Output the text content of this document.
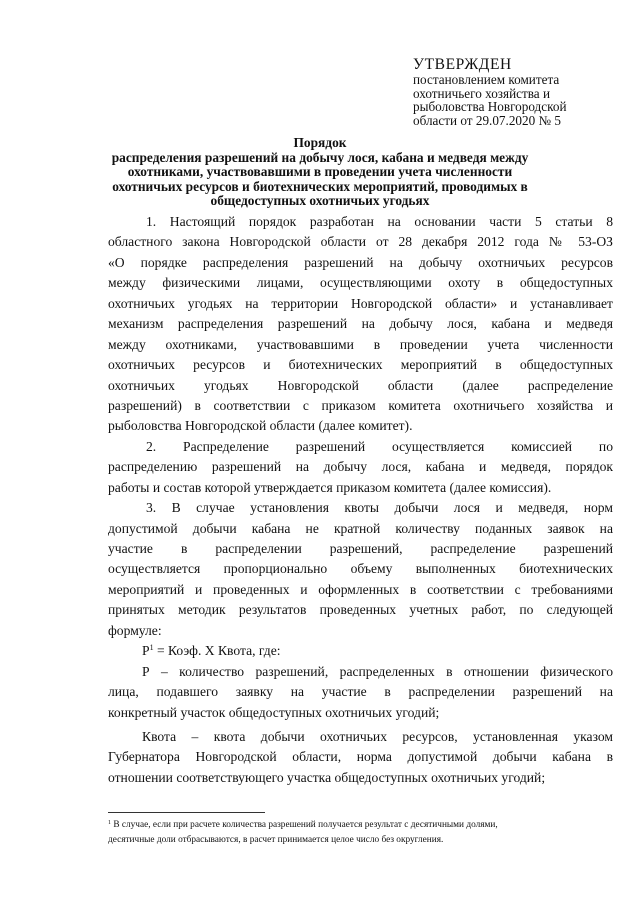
УТВЕРЖДЕН
постановлением комитета
охотничьего хозяйства и
рыболовства Новгородской
области от 29.07.2020 № 5
Порядок
распределения разрешений на добычу лося, кабана и медведя между
охотниками, участвовавшими в проведении учета численности
охотничьих ресурсов и биотехнических мероприятий, проводимых в
общедоступных охотничьих угодьях

1. Настоящий порядок разработан на основании части 5 статьи 8
областного закона Новгородской области от 28 декабря 2012 года № 53-ОЗ
«О порядке распределения разрешений на добычу охотничьих ресурсов
между физическими лицами, осуществляющими охоту в общедоступных
охотничьих угодьях на территории Новгородской области» и устанавливает
механизм распределения разрешений на добычу лося, кабана и медведя
между охотниками, участвовавшими в проведении учета численности
охотничьих ресурсов и биотехнических мероприятий в общедоступных
охотничьих угодьях Новгородской области (далее распределение
разрешений) в соответствии с приказом комитета охотничьего хозяйства и
рыболовства Новгородской области (далее комитет).

2. Распределение разрешений осуществляется комиссией по
распределению разрешений на добычу лося, кабана и медведя, порядок
работы и состав которой утверждается приказом комитета (далее комиссия).

3. В случае установления квоты добычи лося и медведя, норм
допустимой добычи кабана не кратной количеству поданных заявок на
участие в распределении разрешений, распределение разрешений
осуществляется пропорционально объему выполненных биотехнических
мероприятий и проведенных и оформленных в соответствии с требованиями
принятых методик результатов проведенных учетных работ, по следующей
формуле:

$Р^1$ = Коэф. Х Квота, где:

Р – количество разрешений, распределенных в отношении физического
лица, подавшего заявку на участие в распределении разрешений на
конкретный участок общедоступных охотничьих угодий;

Квота – квота добычи охотничьих ресурсов, установленная указом
Губернатора Новгородской области, норма допустимой добычи кабана в
отношении соответствующего участка общедоступных охотничьих угодий;

$^1$ В случае, если при расчете количества разрешений получается результат с десятичными долями,
десятичные доли отбрасываются, в расчет принимается целое число без округления.
